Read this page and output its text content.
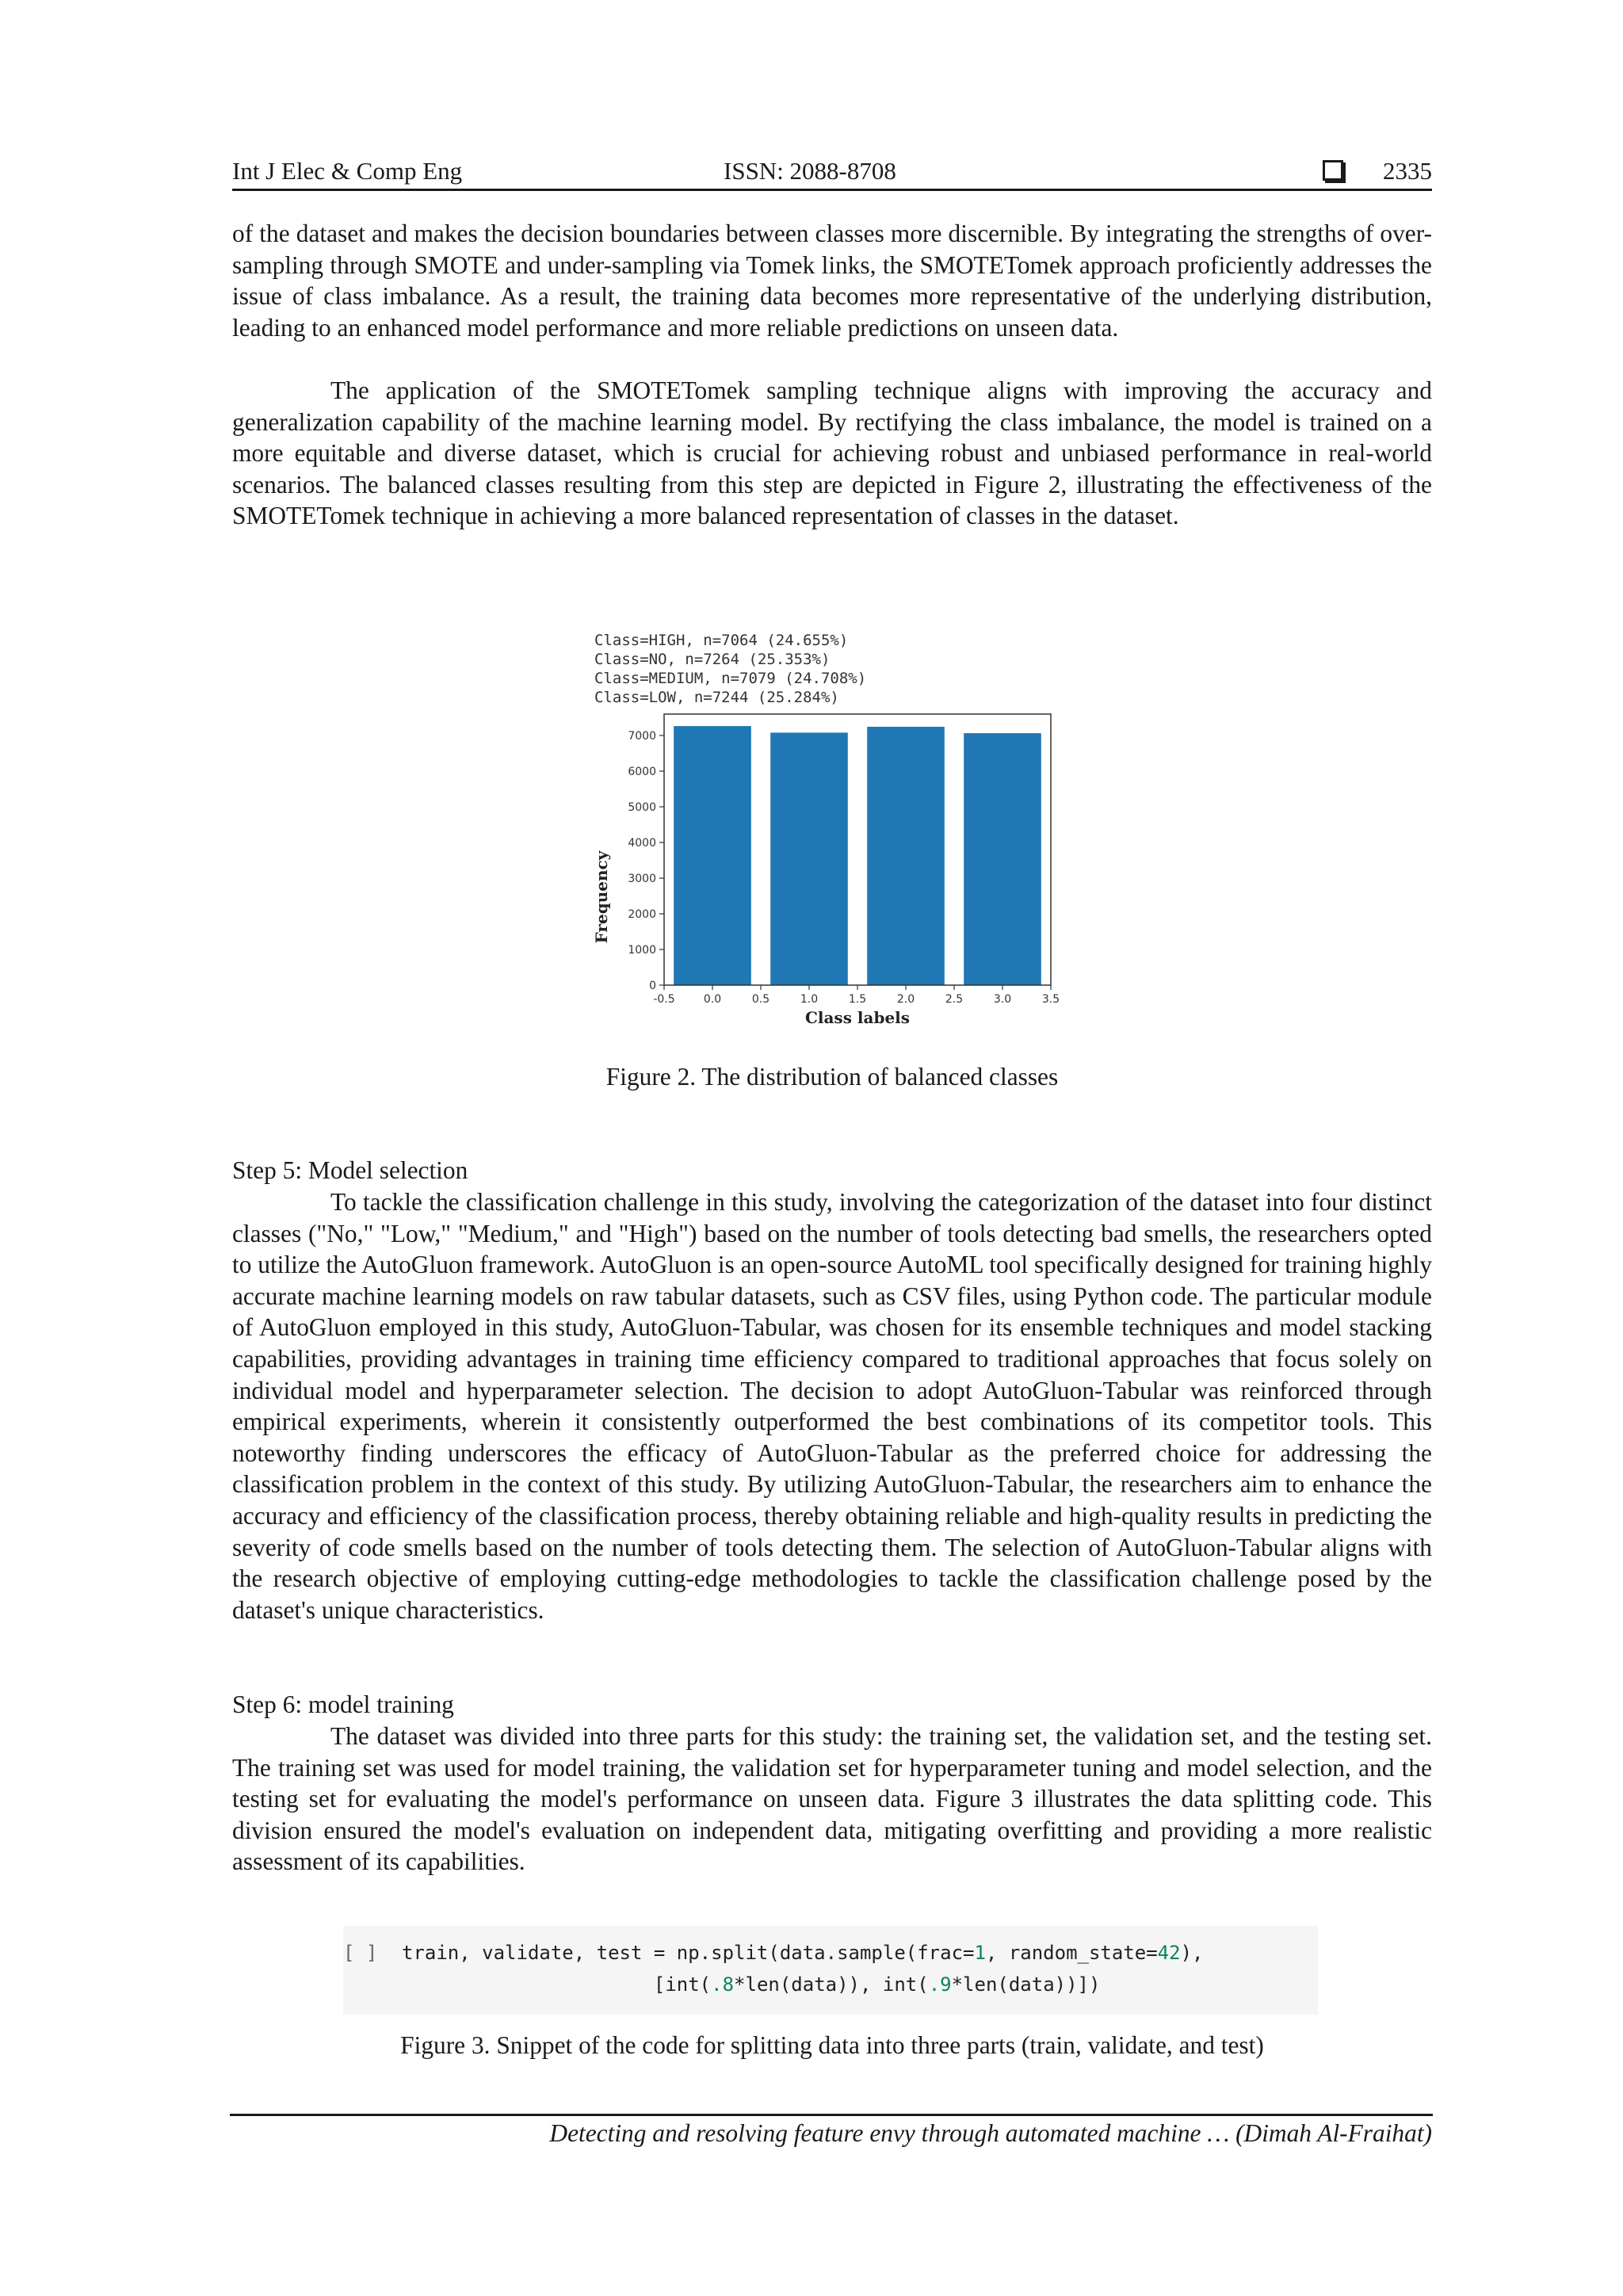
Int J Elec & Comp Eng	ISSN: 2088-8708	2335

of the dataset and makes the decision boundaries between classes more discernible. By integrating the strengths of over-sampling through SMOTE and under-sampling via Tomek links, the SMOTETomek approach proficiently addresses the issue of class imbalance. As a result, the training data becomes more representative of the underlying distribution, leading to an enhanced model performance and more reliable predictions on unseen data.

The application of the SMOTETomek sampling technique aligns with improving the accuracy and generalization capability of the machine learning model. By rectifying the class imbalance, the model is trained on a more equitable and diverse dataset, which is crucial for achieving robust and unbiased performance in real-world scenarios. The balanced classes resulting from this step are depicted in Figure 2, illustrating the effectiveness of the SMOTETomek technique in achieving a more balanced representation of classes in the dataset.

Class=HIGH, n=7064 (24.655%)
Class=NO, n=7264 (25.353%)
Class=MEDIUM, n=7079 (24.708%)
Class=LOW, n=7244 (25.284%)
0
1000
2000
3000
4000
5000
6000
7000
-0.5	0.0	0.5	1.0	1.5	2.0	2.5	3.0	3.5
Class labels
Frequency

Figure 2. The distribution of balanced classes

Step 5: Model selection

To tackle the classification challenge in this study, involving the categorization of the dataset into four distinct classes ("No," "Low," "Medium," and "High") based on the number of tools detecting bad smells, the researchers opted to utilize the AutoGluon framework. AutoGluon is an open-source AutoML tool specifically designed for training highly accurate machine learning models on raw tabular datasets, such as CSV files, using Python code. The particular module of AutoGluon employed in this study, AutoGluon-Tabular, was chosen for its ensemble techniques and model stacking capabilities, providing advantages in training time efficiency compared to traditional approaches that focus solely on individual model and hyperparameter selection. The decision to adopt AutoGluon-Tabular was reinforced through empirical experiments, wherein it consistently outperformed the best combinations of its competitor tools. This noteworthy finding underscores the efficacy of AutoGluon-Tabular as the preferred choice for addressing the classification problem in the context of this study. By utilizing AutoGluon-Tabular, the researchers aim to enhance the accuracy and efficiency of the classification process, thereby obtaining reliable and high-quality results in predicting the severity of code smells based on the number of tools detecting them. The selection of AutoGluon-Tabular aligns with the research objective of employing cutting-edge methodologies to tackle the classification challenge posed by the dataset's unique characteristics.

Step 6: model training

The dataset was divided into three parts for this study: the training set, the validation set, and the testing set. The training set was used for model training, the validation set for hyperparameter tuning and model selection, and the testing set for evaluating the model's performance on unseen data. Figure 3 illustrates the data splitting code. This division ensured the model's evaluation on independent data, mitigating overfitting and providing a more realistic assessment of its capabilities.

[ ] train, validate, test = np.split(data.sample(frac=1, random_state=42),
[int(.8*len(data)), int(.9*len(data))])

Figure 3. Snippet of the code for splitting data into three parts (train, validate, and test)

Detecting and resolving feature envy through automated machine … (Dimah Al-Fraihat)
